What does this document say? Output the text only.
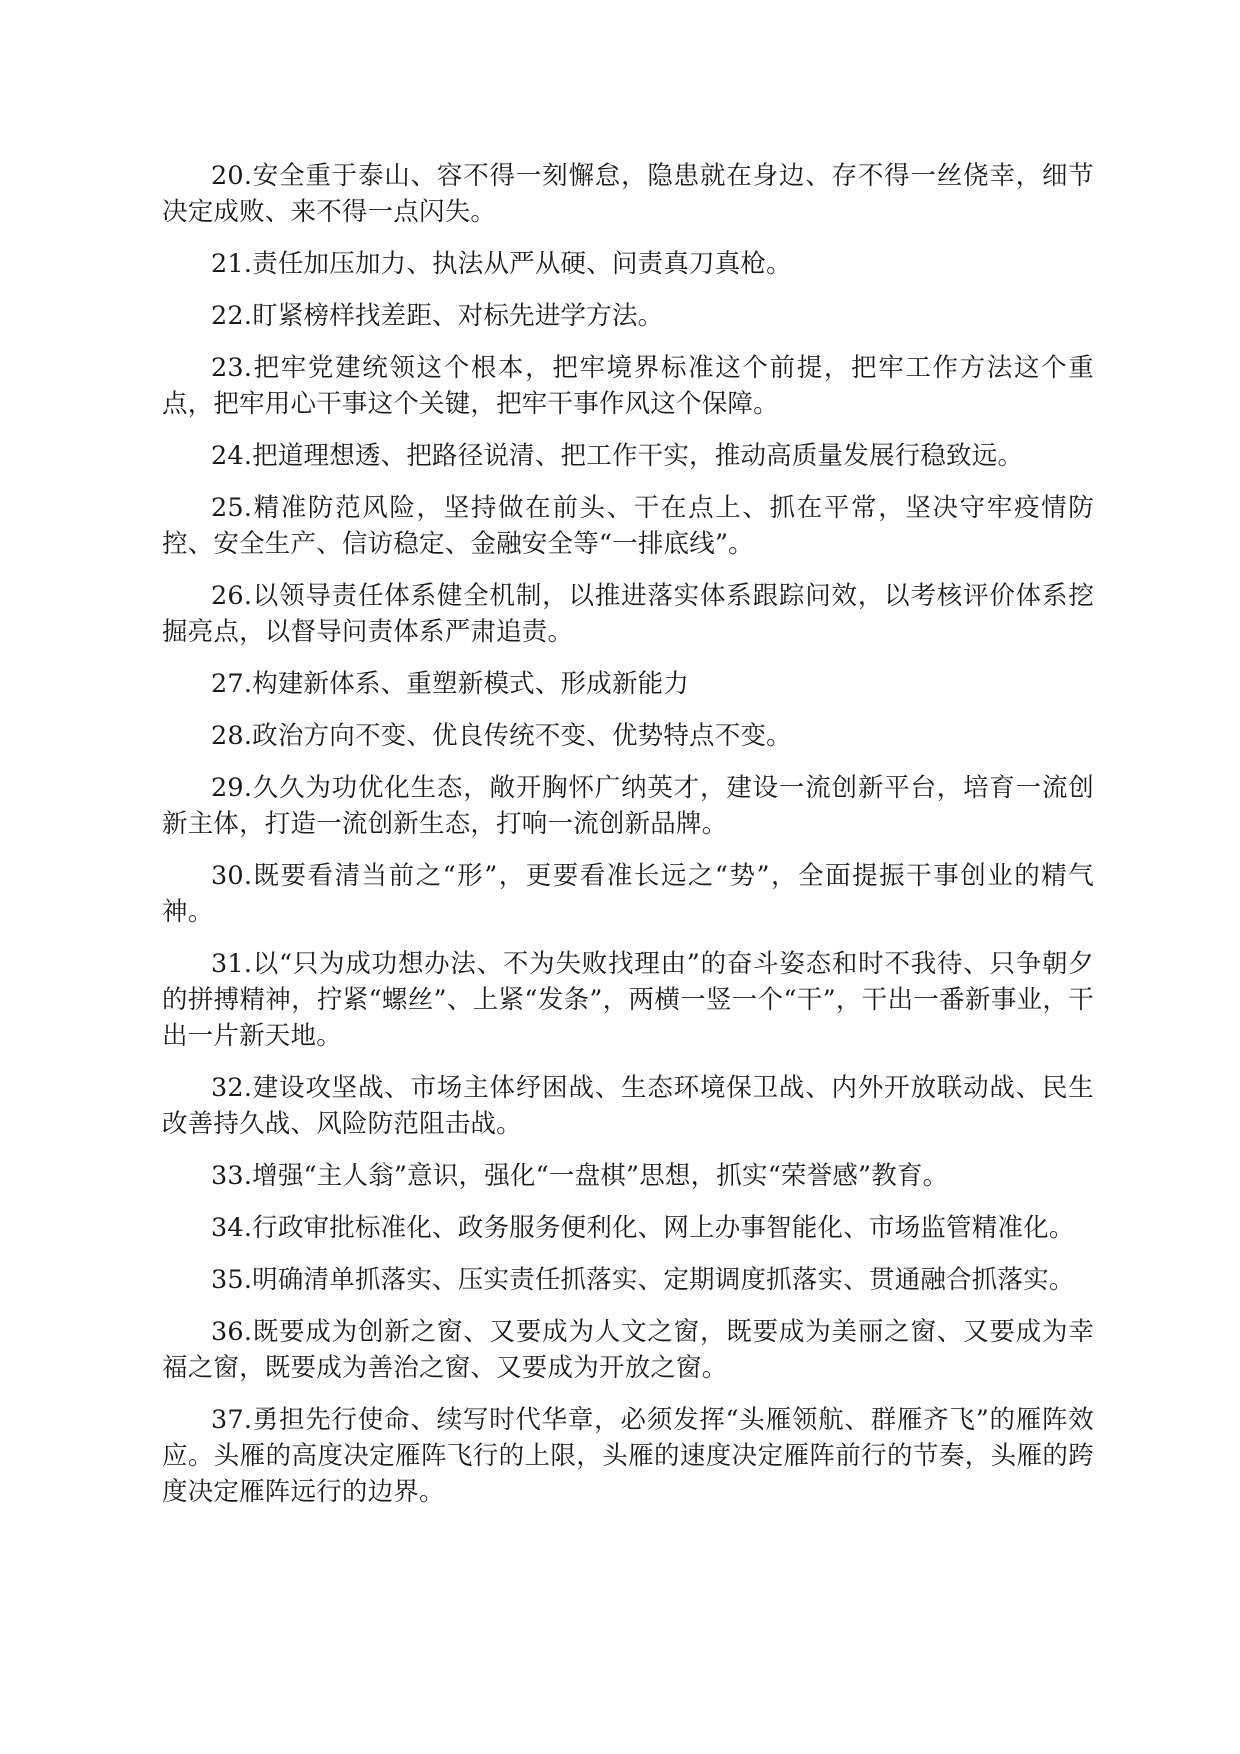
20.安全重于泰山、容不得一刻懈怠，隐患就在身边、存不得一丝侥幸，细节决定成败、来不得一点闪失。

21.责任加压加力、执法从严从硬、问责真刀真枪。

22.盯紧榜样找差距、对标先进学方法。

23.把牢党建统领这个根本，把牢境界标准这个前提，把牢工作方法这个重点，把牢用心干事这个关键，把牢干事作风这个保障。

24.把道理想透、把路径说清、把工作干实，推动高质量发展行稳致远。

25.精准防范风险，坚持做在前头、干在点上、抓在平常，坚决守牢疫情防控、安全生产、信访稳定、金融安全等“一排底线”。

26.以领导责任体系健全机制，以推进落实体系跟踪问效，以考核评价体系挖掘亮点，以督导问责体系严肃追责。

27.构建新体系、重塑新模式、形成新能力

28.政治方向不变、优良传统不变、优势特点不变。

29.久久为功优化生态，敞开胸怀广纳英才，建设一流创新平台，培育一流创新主体，打造一流创新生态，打响一流创新品牌。

30.既要看清当前之“形”，更要看准长远之“势”，全面提振干事创业的精气神。

31.以“只为成功想办法、不为失败找理由”的奋斗姿态和时不我待、只争朝夕的拼搏精神，拧紧“螺丝”、上紧“发条”，两横一竖一个“干”，干出一番新事业，干出一片新天地。

32.建设攻坚战、市场主体纾困战、生态环境保卫战、内外开放联动战、民生改善持久战、风险防范阻击战。

33.增强“主人翁”意识，强化“一盘棋”思想，抓实“荣誉感”教育。

34.行政审批标准化、政务服务便利化、网上办事智能化、市场监管精准化。

35.明确清单抓落实、压实责任抓落实、定期调度抓落实、贯通融合抓落实。

36.既要成为创新之窗、又要成为人文之窗，既要成为美丽之窗、又要成为幸福之窗，既要成为善治之窗、又要成为开放之窗。

37.勇担先行使命、续写时代华章，必须发挥“头雁领航、群雁齐飞”的雁阵效应。头雁的高度决定雁阵飞行的上限，头雁的速度决定雁阵前行的节奏，头雁的跨度决定雁阵远行的边界。
